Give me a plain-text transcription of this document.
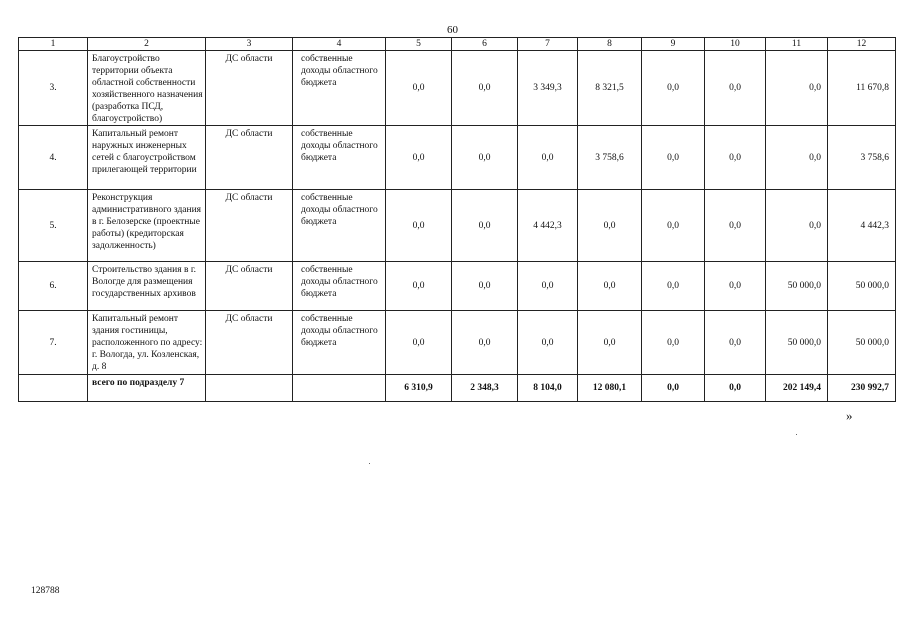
60
1	2	3	4	5	6	7	8	9	10	11	12
3.	Благоустройство территории объекта областной собственности хозяйственного назначения (разработка ПСД, благоустройство)	ДС области	собственные доходы областного бюджета	0,0	0,0	3 349,3	8 321,5	0,0	0,0	0,0	11 670,8
4.	Капитальный ремонт наружных инженерных сетей с благоустройством прилегающей территории	ДС области	собственные доходы областного бюджета	0,0	0,0	0,0	3 758,6	0,0	0,0	0,0	3 758,6
5.	Реконструкция административного здания в г. Белозерске (проектные работы) (кредиторская задолженность)	ДС области	собственные доходы областного бюджета	0,0	0,0	4 442,3	0,0	0,0	0,0	0,0	4 442,3
6.	Строительство здания в г. Вологде для размещения государственных архивов	ДС области	собственные доходы областного бюджета	0,0	0,0	0,0	0,0	0,0	0,0	50 000,0	50 000,0
7.	Капитальный ремонт здания гостиницы, расположенного по адресу: г. Вологда, ул. Козленская, д. 8	ДС области	собственные доходы областного бюджета	0,0	0,0	0,0	0,0	0,0	0,0	50 000,0	50 000,0
	всего по подразделу 7			6 310,9	2 348,3	8 104,0	12 080,1	0,0	0,0	202 149,4	230 992,7
»
128788
